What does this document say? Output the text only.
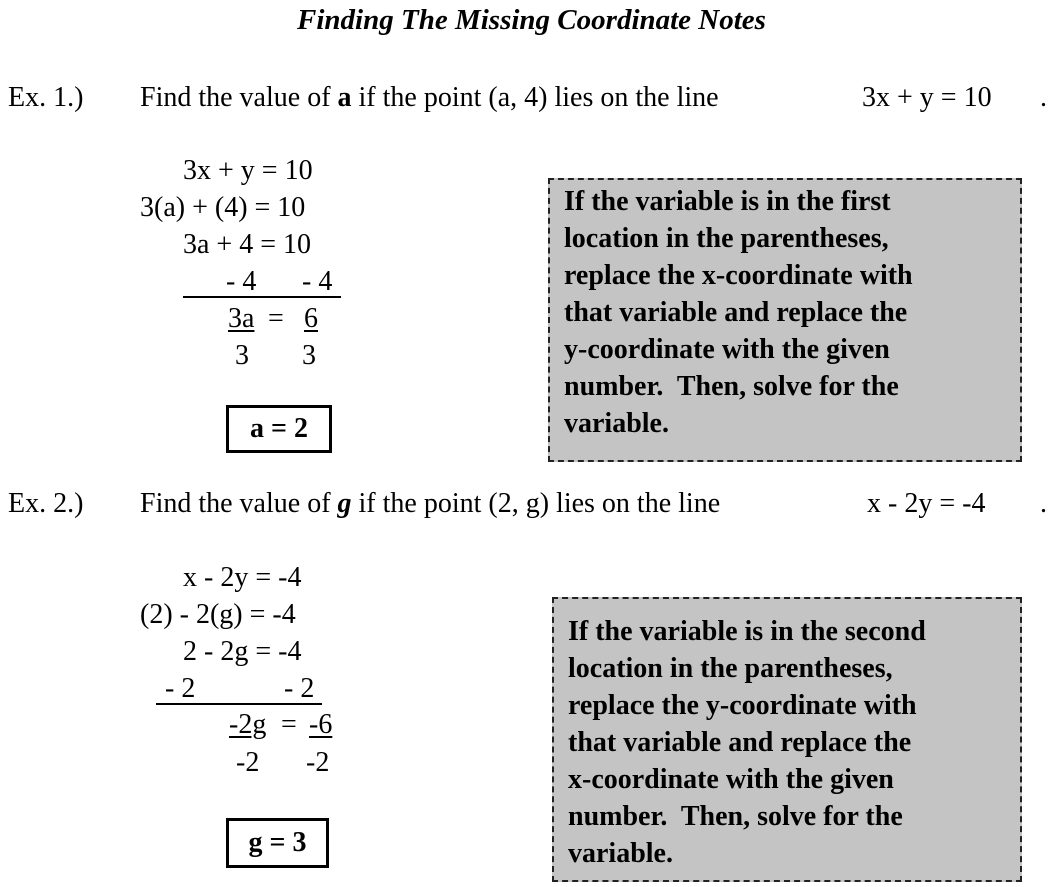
Finding The Missing Coordinate Notes
Ex. 1.) Find the value of a if the point (a, 4) lies on the line	3x + y = 10 .
3x + y = 10
3(a) + (4) = 10
3a + 4 = 10
- 4 - 4
3a = 6
3 3
a = 2
If the variable is in the first
location in the parentheses,
replace the x-coordinate with
that variable and replace the
y-coordinate with the given
number.  Then, solve for the
variable.
Ex. 2.) Find the value of g if the point (2, g) lies on the line	x - 2y = -4 .
x - 2y = -4
(2) - 2(g) = -4
2 - 2g = -4
- 2	- 2
-2g = -6
-2 -2
g = 3
If the variable is in the second
location in the parentheses,
replace the y-coordinate with
that variable and replace the
x-coordinate with the given
number.  Then, solve for the
variable.
